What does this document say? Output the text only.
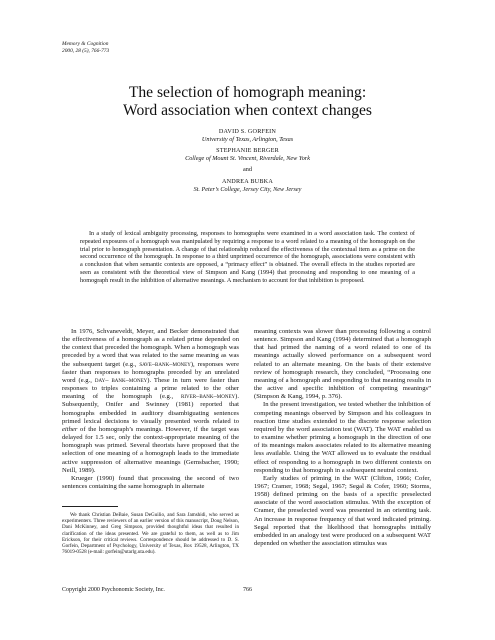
Memory & Cognition
2000, 28 (5), 766-773
The selection of homograph meaning:
Word association when context changes
DAVID S. GORFEIN
University of Texas, Arlington, Texas
STEPHANIE BERGER
College of Mount St. Vincent, Riverdale, New York
and
ANDREA BUBKA
St. Peter’s College, Jersey City, New Jersey
In a study of lexical ambiguity processing, responses to homographs were examined in a word association task. The context of repeated exposures of a homograph was manipulated by requiring a response to a word related to a meaning of the homograph on the trial prior to homograph presentation. A change of that relationship reduced the effectiveness of the contextual item as a prime on the second occurrence of the homograph. In response to a third unprimed occurrence of the homograph, associations were consistent with a conclusion that when semantic contexts are opposed, a “primacy effect” is obtained. The overall effects in the studies reported are seen as consistent with the theoretical view of Simpson and Kang (1994) that processing and responding to one meaning of a homograph result in the inhibition of alternative meanings. A mechanism to account for that inhibition is proposed.

In 1976, Schvaneveldt, Meyer, and Becker demonstrated that the effectiveness of a homograph as a related prime depended on the context that preceded the homograph. When a homograph was preceded by a word that was related to the same meaning as was the subsequent target (e.g., save–bank–money), responses were faster than responses to homographs preceded by an unrelated word (e.g., day– bank–money). These in turn were faster than responses to triples containing a prime related to the other meaning of the homograph (e.g., river–bank–money). Subsequently, Onifer and Swinney (1981) reported that homographs embedded in auditory disambiguating sentences primed lexical decisions to visually presented words related to either of the homograph’s meanings. However, if the target was delayed for 1.5 sec, only the context-appropriate meaning of the homograph was primed. Several theorists have proposed that the selection of one meaning of a homograph leads to the immediate active suppression of alternative meanings (Gernsbacher, 1990; Neill, 1989).

Krueger (1990) found that processing the second of two sentences containing the same homograph in alternate

meaning contexts was slower than processing following a control sentence. Simpson and Kang (1994) determined that a homograph that had primed the naming of a word related to one of its meanings actually slowed performance on a subsequent word related to an alternate meaning. On the basis of their extensive review of homograph research, they concluded, “Processing one meaning of a homograph and responding to that meaning results in the active and specific inhibition of competing meanings” (Simpson & Kang, 1994, p. 376).

In the present investigation, we tested whether the inhibition of competing meanings observed by Simpson and his colleagues in reaction time studies extended to the discrete response selection required by the word association test (WAT). The WAT enabled us to examine whether priming a homograph in the direction of one of its meanings makes associates related to its alternative meaning less available. Using the WAT allowed us to evaluate the residual effect of responding to a homograph in two different contexts on responding to that homograph in a subsequent neutral context.

Early studies of priming in the WAT (Clifton, 1966; Cofer, 1967; Cramer, 1968; Segal, 1967; Segal & Cofer, 1960; Storms, 1958) defined priming on the basis of a specific preselected associate of the word association stimulus. With the exception of Cramer, the preselected word was presented in an orienting task. An increase in response frequency of that word indicated priming. Segal reported that the likelihood that homographs initially embedded in an analogy test were produced on a subsequent WAT depended on whether the association stimulus was

We thank Christian DeBaie, Susan DeGuilio, and Sara Jamshidi, who served as experimenters. Three reviewers of an earlier version of this manuscript, Doug Nelson, Dani McKinney, and Greg Simpson, provided thoughtful ideas that resulted in clarification of the ideas presented. We are grateful to them, as well as to Jim Erickson, for their critical reviews. Correspondence should be addressed to D. S. Gorfein, Department of Psychology, University of Texas, Box 19528, Arlington, TX 76019-0528 (e-mail: gorfein@utarlg.uta.edu).
Copyright 2000 Psychonomic Society, Inc.	766
